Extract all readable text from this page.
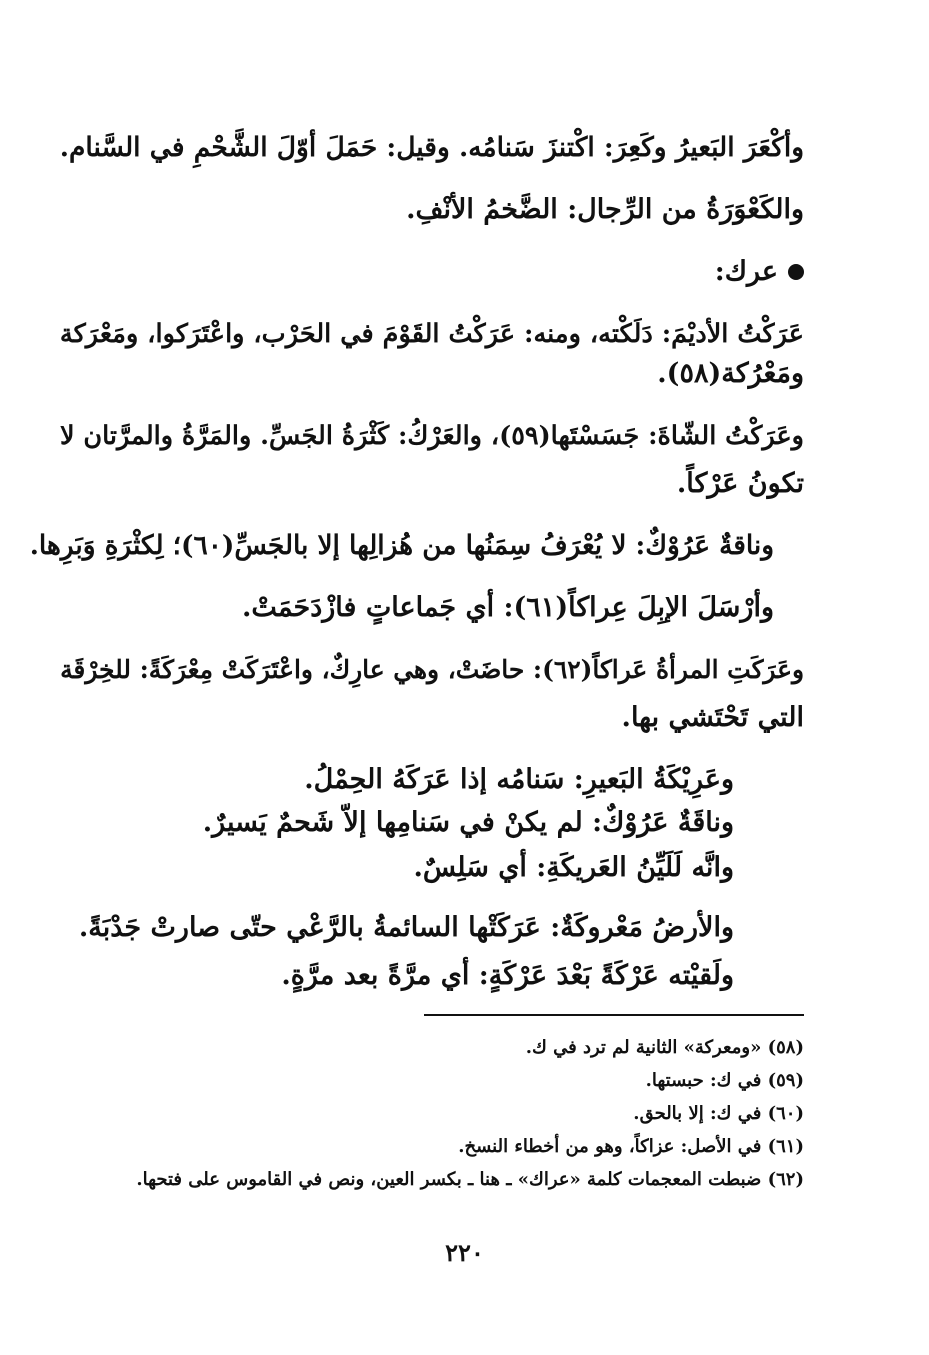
وأكْعَرَ البَعيرُ وكَعِرَ: اكْتنزَ سَنامُه. وقيل: حَمَلَ أوّلَ الشَّحْمِ في السَّنام.
والكَعْوَرَةُ من الرِّجال: الضَّخمُ الأنْفِ.
عرك:
عَرَكْتُ الأديْمَ: دَلَكْته، ومنه: عَرَكْتُ القَوْمَ في الحَرْب، واعْتَرَكوا، ومَعْرَكة
ومَعْرُكة(٥٨).
وعَرَكْتُ الشّاةَ: جَسَسْتَها(٥٩)، والعَرْكُ: كَثْرَةُ الجَسِّ. والمَرَّةُ والمرَّتان لا
تكونُ عَرْكاً.
وناقةٌ عَرُوْكٌ: لا يُعْرَفُ سِمَنُها من هُزالِها إلا بالجَسِّ(٦٠)؛ لِكثْرَةِ وَبَرِها.
وأرْسَلَ الإبِلَ عِراكاً(٦١): أي جَماعاتٍ فازْدَحَمَتْ.
وعَرَكَتِ المرأةُ عَراكاً(٦٢): حاضَتْ، وهي عارِكٌ، واعْتَرَكَتْ مِعْرَكَةً: للخِرْقَة
التي تَحْتَشي بها.
وعَرِيْكَةُ البَعيرِ: سَنامُه إذا عَرَكَهُ الحِمْلُ.
وناقَةٌ عَرُوْكٌ: لم يكنْ في سَنامِها إلاّ شَحمٌ يَسيرٌ.
وانَّه لَلَيِّنُ العَريكَةِ: أي سَلِسٌ.
والأرضُ مَعْروكَةٌ: عَرَكَتْها السائمةُ بالرَّعْي حتّى صارتْ جَدْبَةً.
ولَقيْته عَرْكَةً بَعْدَ عَرْكَةٍ: أي مرَّةً بعد مرَّةٍ.
(٥٨) «ومعركة» الثانية لم ترد في ك.
(٥٩) في ك: حبستها.
(٦٠) في ك: إلا بالحق.
(٦١) في الأصل: عزاكاً، وهو من أخطاء النسخ.
(٦٢) ضبطت المعجمات كلمة «عراك» ـ هنا ـ بكسر العين، ونص في القاموس على فتحها.
٢٢٠
